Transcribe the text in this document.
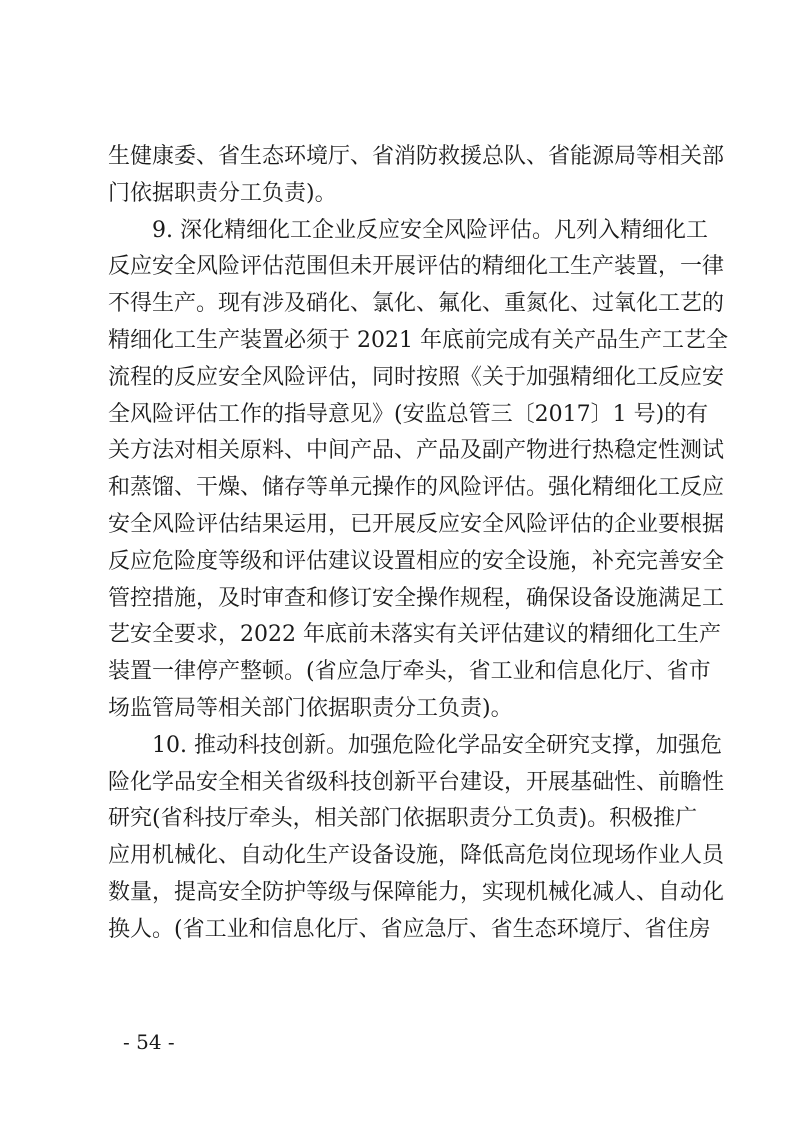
生健康委、省生态环境厅、省消防救援总队、省能源局等相关部
门依据职责分工负责)。
9. 深化精细化工企业反应安全风险评估。凡列入精细化工
反应安全风险评估范围但未开展评估的精细化工生产装置，一律
不得生产。现有涉及硝化、氯化、氟化、重氮化、过氧化工艺的
精细化工生产装置必须于 2021 年底前完成有关产品生产工艺全
流程的反应安全风险评估，同时按照《关于加强精细化工反应安
全风险评估工作的指导意见》(安监总管三〔2017〕1 号)的有
关方法对相关原料、中间产品、产品及副产物进行热稳定性测试
和蒸馏、干燥、储存等单元操作的风险评估。强化精细化工反应
安全风险评估结果运用，已开展反应安全风险评估的企业要根据
反应危险度等级和评估建议设置相应的安全设施，补充完善安全
管控措施，及时审查和修订安全操作规程，确保设备设施满足工
艺安全要求，2022 年底前未落实有关评估建议的精细化工生产
装置一律停产整顿。(省应急厅牵头，省工业和信息化厅、省市
场监管局等相关部门依据职责分工负责)。
10. 推动科技创新。加强危险化学品安全研究支撑，加强危
险化学品安全相关省级科技创新平台建设，开展基础性、前瞻性
研究(省科技厅牵头，相关部门依据职责分工负责)。积极推广
应用机械化、自动化生产设备设施，降低高危岗位现场作业人员
数量，提高安全防护等级与保障能力，实现机械化减人、自动化
换人。(省工业和信息化厅、省应急厅、省生态环境厅、省住房
- 54 -
